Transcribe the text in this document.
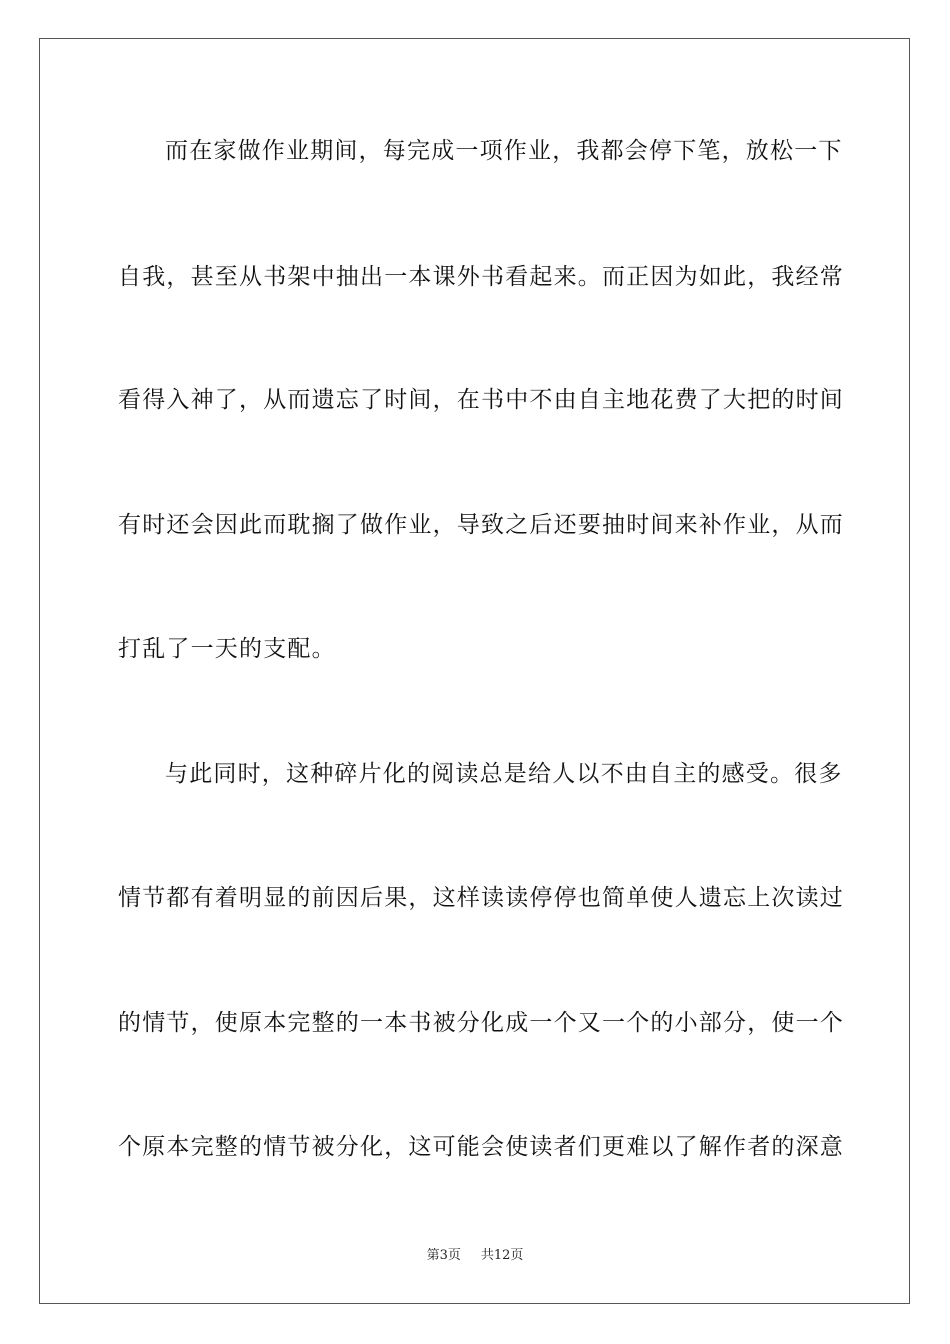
而在家做作业期间，每完成一项作业，我都会停下笔，放松一下
自我，甚至从书架中抽出一本课外书看起来。而正因为如此，我经常
看得入神了，从而遗忘了时间，在书中不由自主地花费了大把的时间
有时还会因此而耽搁了做作业，导致之后还要抽时间来补作业，从而
打乱了一天的支配。
与此同时，这种碎片化的阅读总是给人以不由自主的感受。很多
情节都有着明显的前因后果，这样读读停停也简单使人遗忘上次读过
的情节，使原本完整的一本书被分化成一个又一个的小部分，使一个
个原本完整的情节被分化，这可能会使读者们更难以了解作者的深意
第3页 共12页
